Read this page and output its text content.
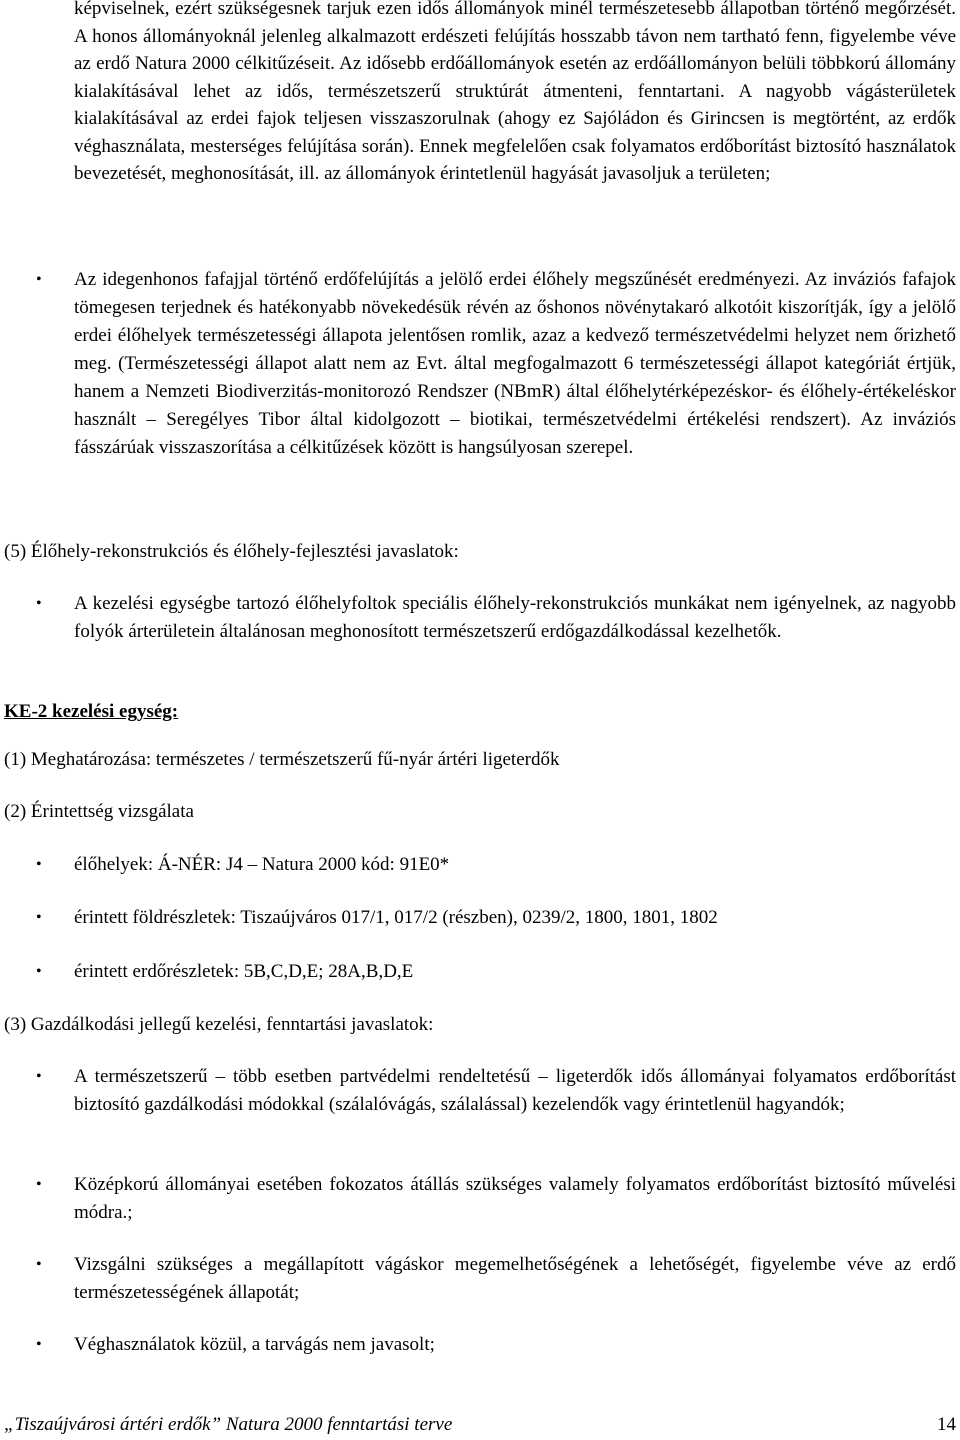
képviselnek, ezért szükségesnek tarjuk ezen idős állományok minél természetesebb állapotban történő megőrzését. A honos állományoknál jelenleg alkalmazott erdészeti felújítás hosszabb távon nem tartható fenn, figyelembe véve az erdő Natura 2000 célkitűzéseit. Az idősebb erdőállományok esetén az erdőállományon belüli többkorú állomány kialakításával lehet az idős, természetszerű struktúrát átmenteni, fenntartani. A nagyobb vágásterületek kialakításával az erdei fajok teljesen visszaszorulnak (ahogy ez Sajóládon és Girincsen is megtörtént, az erdők véghasználata, mesterséges felújítása során). Ennek megfelelően csak folyamatos erdőborítást biztosító használatok bevezetését, meghonosítását, ill. az állományok érintetlenül hagyását javasoljuk a területen;
• Az idegenhonos fafajjal történő erdőfelújítás a jelölő erdei élőhely megszűnését eredményezi. Az inváziós fafajok tömegesen terjednek és hatékonyabb növekedésük révén az őshonos növénytakaró alkotóit kiszorítják, így a jelölő erdei élőhelyek természetességi állapota jelentősen romlik, azaz a kedvező természetvédelmi helyzet nem őrizhető meg. (Természetességi állapot alatt nem az Evt. által megfogalmazott 6 természetességi állapot kategóriát értjük, hanem a Nemzeti Biodiverzitás-monitorozó Rendszer (NBmR) által élőhelytérképezéskor- és élőhely-értékeléskor használt – Seregélyes Tibor által kidolgozott – biotikai, természetvédelmi értékelési rendszert). Az inváziós fásszárúak visszaszorítása a célkitűzések között is hangsúlyosan szerepel.
(5) Élőhely-rekonstrukciós és élőhely-fejlesztési javaslatok:
• A kezelési egységbe tartozó élőhelyfoltok speciális élőhely-rekonstrukciós munkákat nem igényelnek, az nagyobb folyók árterületein általánosan meghonosított természetszerű erdőgazdálkodással kezelhetők.
KE-2 kezelési egység:
(1) Meghatározása: természetes / természetszerű fű-nyár ártéri ligeterdők
(2) Érintettség vizsgálata
• élőhelyek: Á-NÉR: J4 – Natura 2000 kód: 91E0*
• érintett földrészletek: Tiszaújváros 017/1, 017/2 (részben), 0239/2, 1800, 1801, 1802
• érintett erdőrészletek: 5B,C,D,E; 28A,B,D,E
(3) Gazdálkodási jellegű kezelési, fenntartási javaslatok:
• A természetszerű – több esetben partvédelmi rendeltetésű – ligeterdők idős állományai folyamatos erdőborítást biztosító gazdálkodási módokkal (szálalóvágás, szálalással) kezelendők vagy érintetlenül hagyandók;
• Középkorú állományai esetében fokozatos átállás szükséges valamely folyamatos erdőborítást biztosító művelési módra.;
• Vizsgálni szükséges a megállapított vágáskor megemelhetőségének a lehetőségét, figyelembe véve az erdő természetességének állapotát;
• Véghasználatok közül, a tarvágás nem javasolt;
„Tiszaújvárosi ártéri erdők” Natura 2000 fenntartási terve	14
